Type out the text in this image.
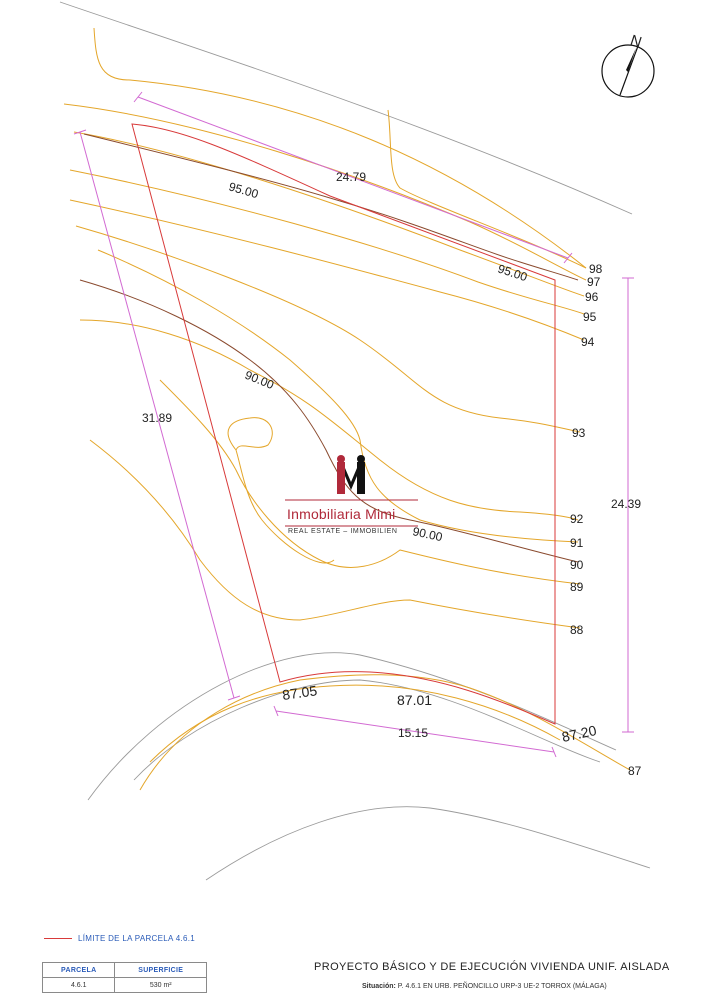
N
98
97
96
95
94
93
92
91
90
89
88
87
95.00
95.00
90.00
90.00
24.79
31.89
24.39
15.15
87.05	87.01
87.20
Inmobiliaria Mimi
REAL ESTATE – IMMOBILIEN
LÍMITE DE LA PARCELA 4.6.1
PARCELA	SUPERFICIE
4.6.1	530 m²
PROYECTO BÁSICO Y DE EJECUCIÓN VIVIENDA UNIF. AISLADA
Situación: P. 4.6.1 EN URB. PEÑONCILLO URP-3 UE-2 TORROX (MÁLAGA)
